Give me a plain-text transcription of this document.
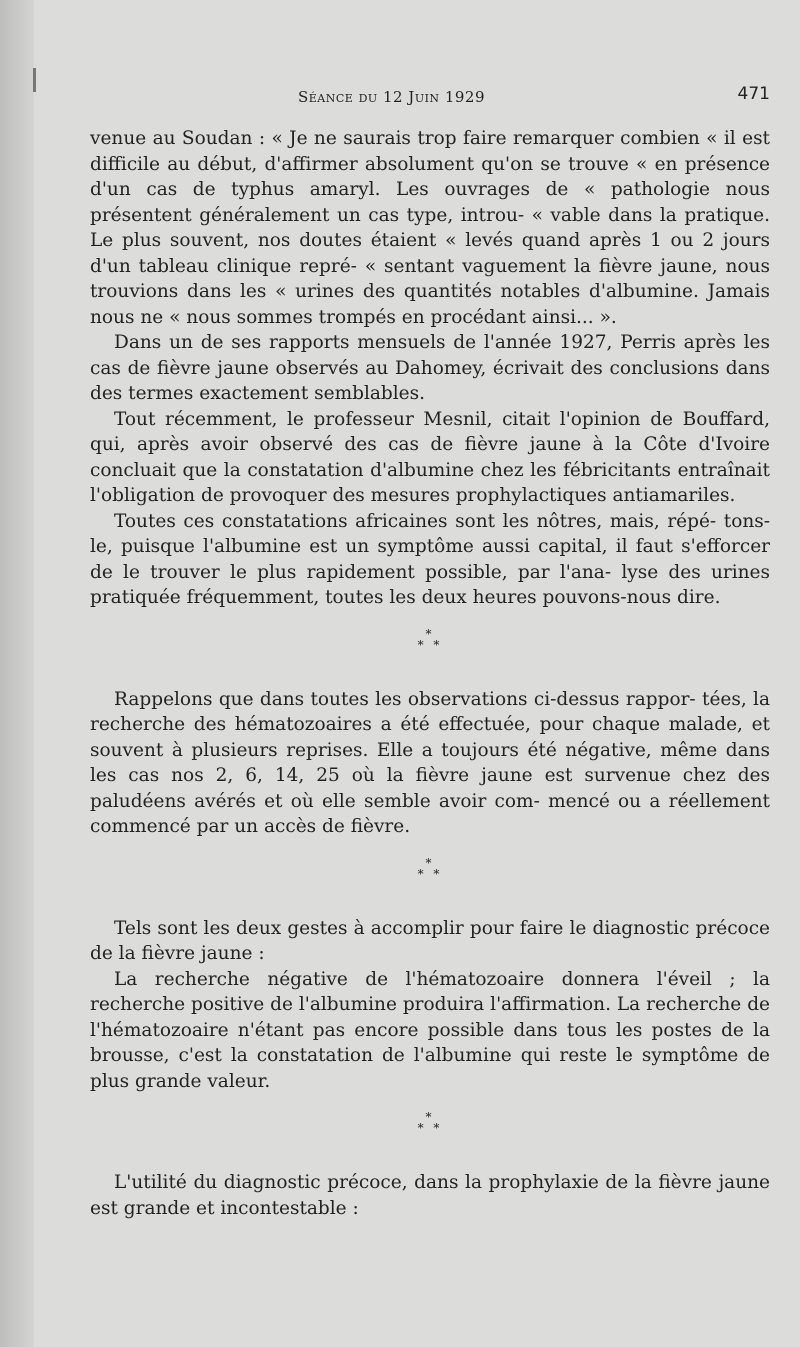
Séance du 12 Juin 1929	471

venue au Soudan : « Je ne saurais trop faire remarquer combien « il est difficile au début, d'affirmer absolument qu'on se trouve « en présence d'un cas de typhus amaryl. Les ouvrages de « pathologie nous présentent généralement un cas type, introu- « vable dans la pratique. Le plus souvent, nos doutes étaient « levés quand après 1 ou 2 jours d'un tableau clinique repré- « sentant vaguement la fièvre jaune, nous trouvions dans les « urines des quantités notables d'albumine. Jamais nous ne « nous sommes trompés en procédant ainsi... ».

Dans un de ses rapports mensuels de l'année 1927, Perris après les cas de fièvre jaune observés au Dahomey, écrivait des conclusions dans des termes exactement semblables.

Tout récemment, le professeur Mesnil, citait l'opinion de Bouffard, qui, après avoir observé des cas de fièvre jaune à la Côte d'Ivoire concluait que la constatation d'albumine chez les fébricitants entraînait l'obligation de provoquer des mesures prophylactiques antiamariles.

Toutes ces constatations africaines sont les nôtres, mais, répé- tons-le, puisque l'albumine est un symptôme aussi capital, il faut s'efforcer de le trouver le plus rapidement possible, par l'ana- lyse des urines pratiquée fréquemment, toutes les deux heures pouvons-nous dire.

*
* *

Rappelons que dans toutes les observations ci-dessus rappor- tées, la recherche des hématozoaires a été effectuée, pour chaque malade, et souvent à plusieurs reprises. Elle a toujours été négative, même dans les cas nos 2, 6, 14, 25 où la fièvre jaune est survenue chez des paludéens avérés et où elle semble avoir com- mencé ou a réellement commencé par un accès de fièvre.

*
* *

Tels sont les deux gestes à accomplir pour faire le diagnostic précoce de la fièvre jaune :

La recherche négative de l'hématozoaire donnera l'éveil ; la recherche positive de l'albumine produira l'affirmation. La recherche de l'hématozoaire n'étant pas encore possible dans tous les postes de la brousse, c'est la constatation de l'albumine qui reste le symptôme de plus grande valeur.

*
* *

L'utilité du diagnostic précoce, dans la prophylaxie de la fièvre jaune est grande et incontestable :
